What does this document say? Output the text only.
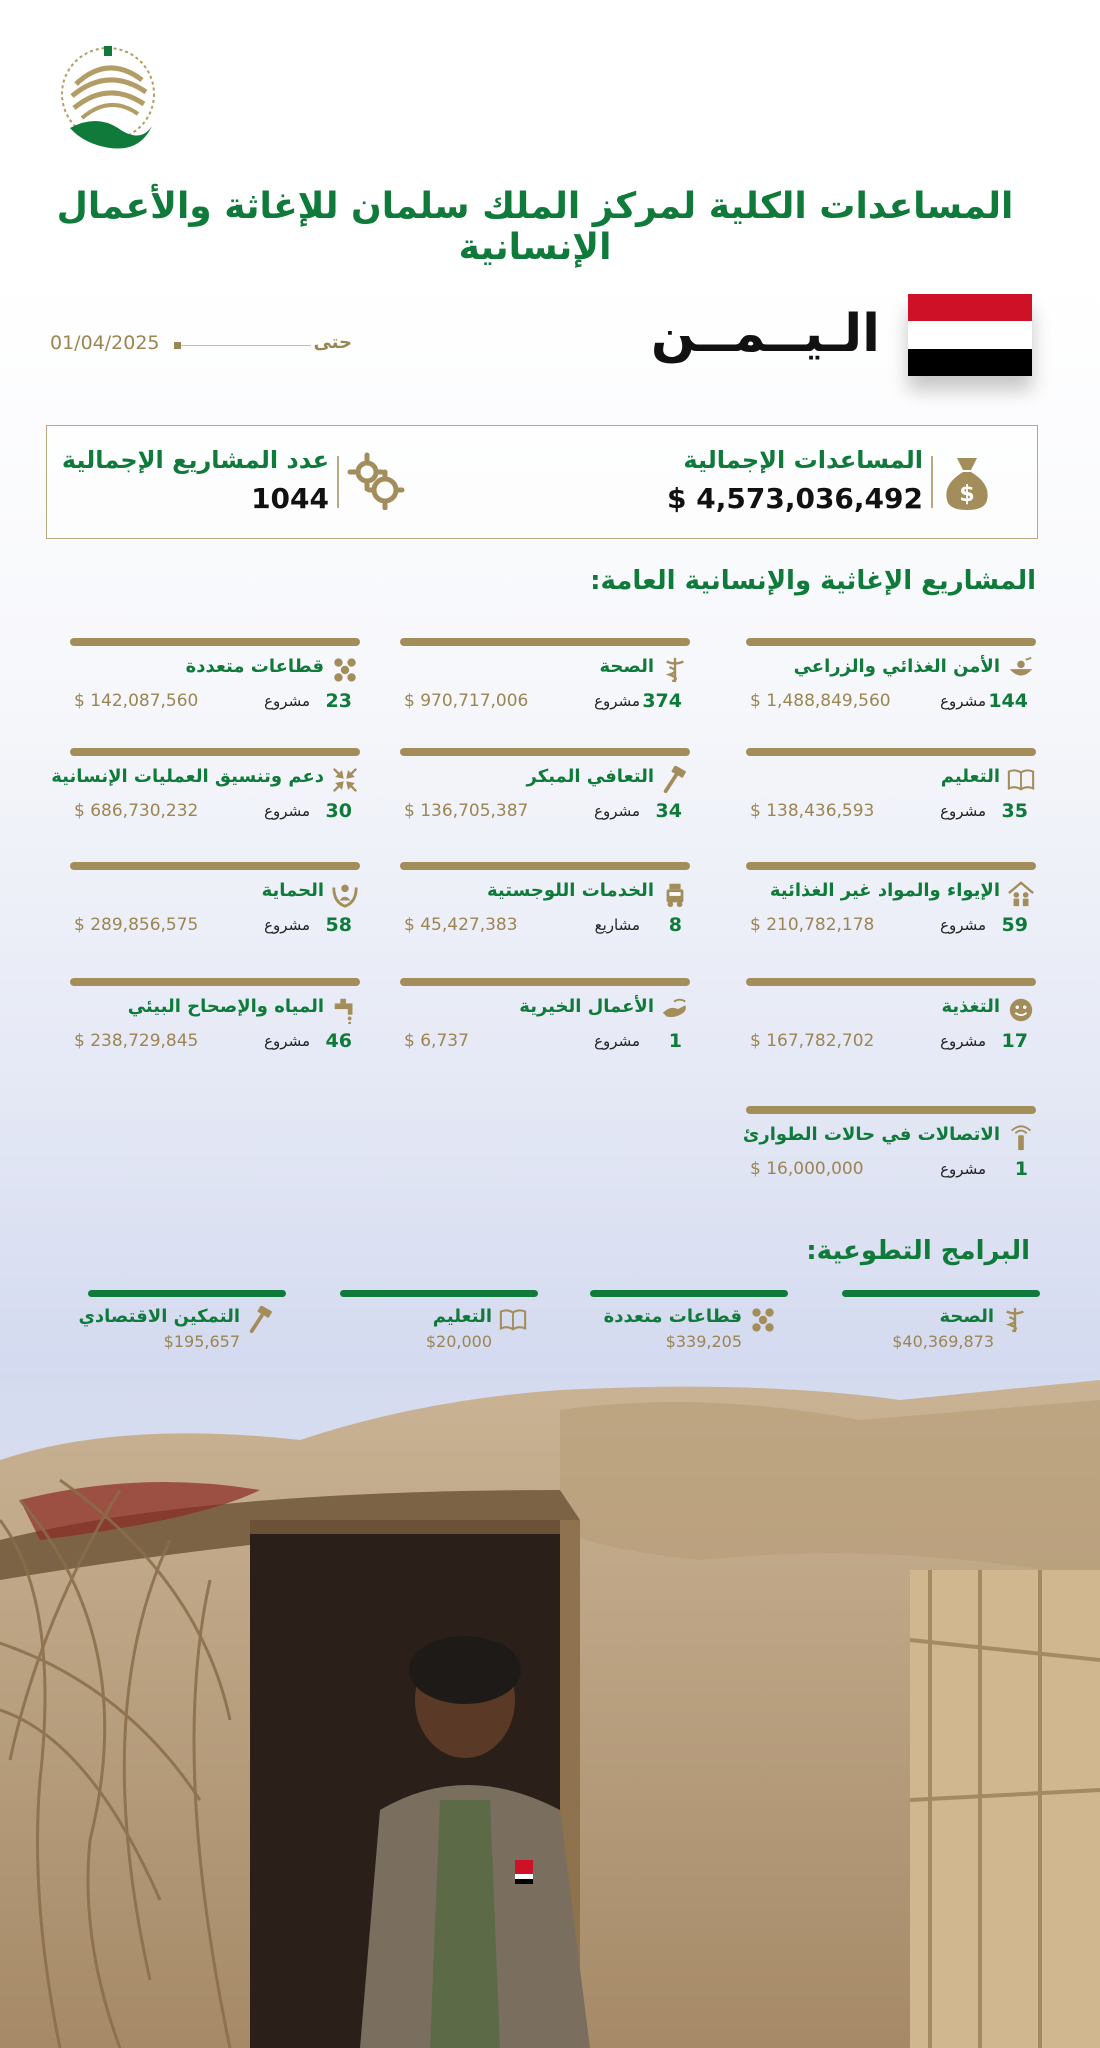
المساعدات الكلية لمركز الملك سلمان للإغاثة والأعمال الإنسانية
الـيــمــن
01/04/2025	حتى
$
المساعدات الإجمالية
$ 4,573,036,492
عدد المشاريع الإجمالية
1044
المشاريع الإغاثية والإنسانية العامة:
الأمن الغذائي والزراعي
144
مشروع
$ 1,488,849,560
الصحة
374
مشروع
$ 970,717,006
قطاعات متعددة
23
مشروع
$ 142,087,560
التعليم
35
مشروع
$ 138,436,593
التعافي المبكر
34
مشروع
$ 136,705,387
دعم وتنسيق العمليات الإنسانية
30
مشروع
$ 686,730,232
الإيواء والمواد غير الغذائية
59
مشروع
$ 210,782,178
الخدمات اللوجستية
8
مشاريع
$ 45,427,383
الحماية
58
مشروع
$ 289,856,575
التغذية
17
مشروع
$ 167,782,702
الأعمال الخيرية
1
مشروع
$ 6,737
المياه والإصحاح البيئي
46
مشروع
$ 238,729,845
الاتصالات في حالات الطوارئ
1
مشروع
$ 16,000,000
البرامج التطوعية:
الصحة
$40,369,873
قطاعات متعددة
$339,205
التعليم
$20,000
التمكين الاقتصادي
$195,657
